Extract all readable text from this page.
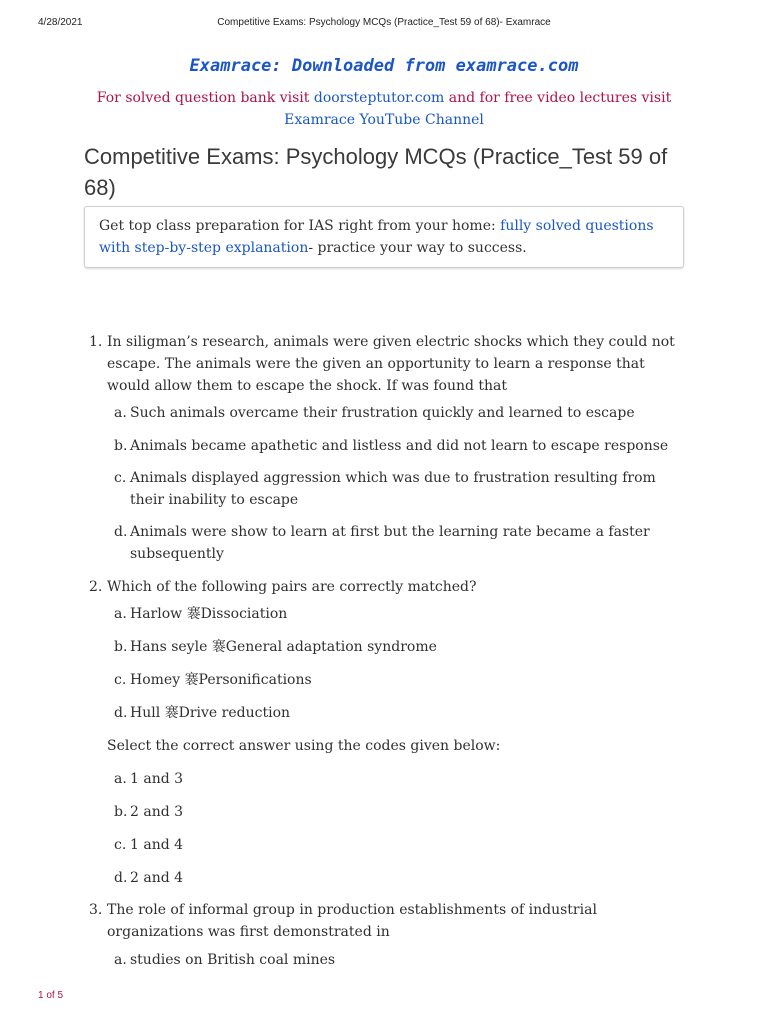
4/28/2021	Competitive Exams: Psychology MCQs (Practice_Test 59 of 68)- Examrace
Examrace: Downloaded from examrace.com
For solved question bank visit doorsteptutor.com and for free video lectures visit
Examrace YouTube Channel
Competitive Exams: Psychology MCQs (Practice_Test 59 of 68)
Get top class preparation for IAS right from your home: fully solved questions with step-by-step explanation- practice your way to success.
1. In siligman’s research, animals were given electric shocks which they could not escape. The animals were the given an opportunity to learn a response that would allow them to escape the shock. If was found that
a. Such animals overcame their frustration quickly and learned to escape
b. Animals became apathetic and listless and did not learn to escape response
c. Animals displayed aggression which was due to frustration resulting from their inability to escape
d. Animals were show to learn at first but the learning rate became a faster subsequently
2. Which of the following pairs are correctly matched?
a. Harlow 褰Dissociation
b. Hans seyle 褰General adaptation syndrome
c. Homey 褰Personifications
d. Hull 褰Drive reduction
Select the correct answer using the codes given below:
a. 1 and 3
b. 2 and 3
c. 1 and 4
d. 2 and 4
3. The role of informal group in production establishments of industrial organizations was first demonstrated in
a. studies on British coal mines
1 of 5
